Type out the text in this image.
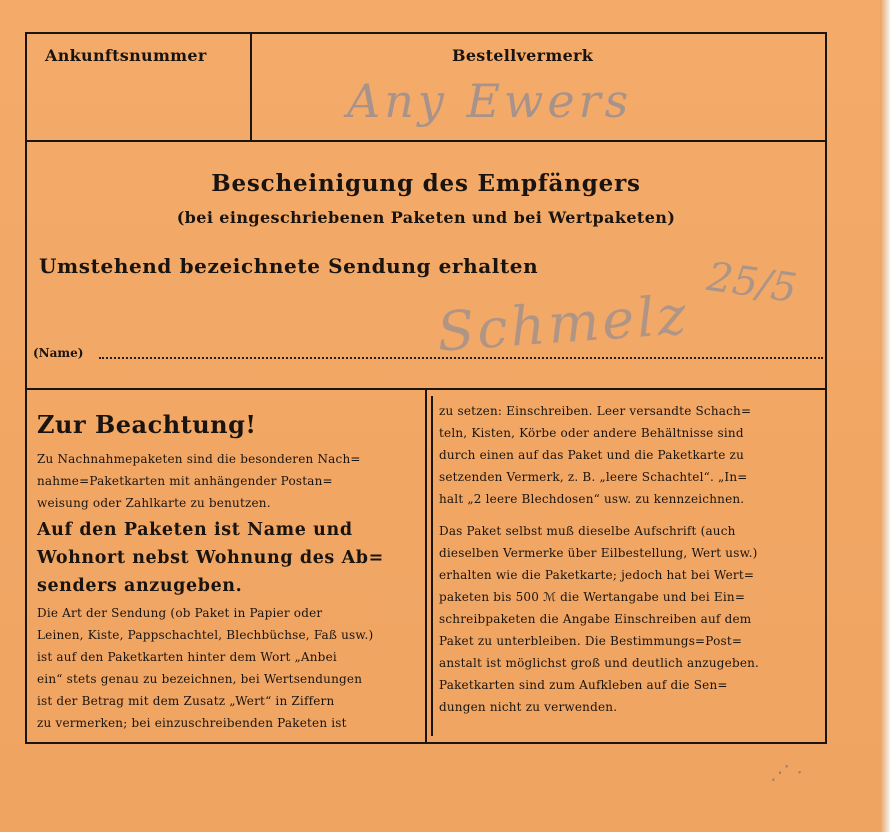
Ankunftsnummer	Bestellvermerk
Any Ewers
Bescheinigung des Empfängers
(bei eingeschriebenen Paketen und bei Wertpaketen)
Umstehend bezeichnete Sendung erhalten	25/5
Schmelz
(Name)
Zur Beachtung!
Zu Nachnahmepaketen sind die besonderen Nach=
nahme=Paketkarten mit anhängender Postan=
weisung oder Zahlkarte zu benutzen.
Auf den Paketen ist Name und
Wohnort nebst Wohnung des Ab=
senders anzugeben.
Die Art der Sendung (ob Paket in Papier oder
Leinen, Kiste, Pappschachtel, Blechbüchse, Faß usw.)
ist auf den Paketkarten hinter dem Wort „Anbei
ein“ stets genau zu bezeichnen, bei Wertsendungen
ist der Betrag mit dem Zusatz „Wert“ in Ziffern
zu vermerken; bei einzuschreibenden Paketen ist
zu setzen: Einschreiben. Leer versandte Schach=
teln, Kisten, Körbe oder andere Behältnisse sind
durch einen auf das Paket und die Paketkarte zu
setzenden Vermerk, z. B. „leere Schachtel“. „In=
halt „2 leere Blechdosen“ usw. zu kennzeichnen.
Das Paket selbst muß dieselbe Aufschrift (auch
dieselben Vermerke über Eilbestellung, Wert usw.)
erhalten wie die Paketkarte; jedoch hat bei Wert=
paketen bis 500 ℳ die Wertangabe und bei Ein=
schreibpaketen die Angabe Einschreiben auf dem
Paket zu unterbleiben. Die Bestimmungs=Post=
anstalt ist möglichst groß und deutlich anzugeben.
Paketkarten sind zum Aufkleben auf die Sen=
dungen nicht zu verwenden.
⋰ ·
